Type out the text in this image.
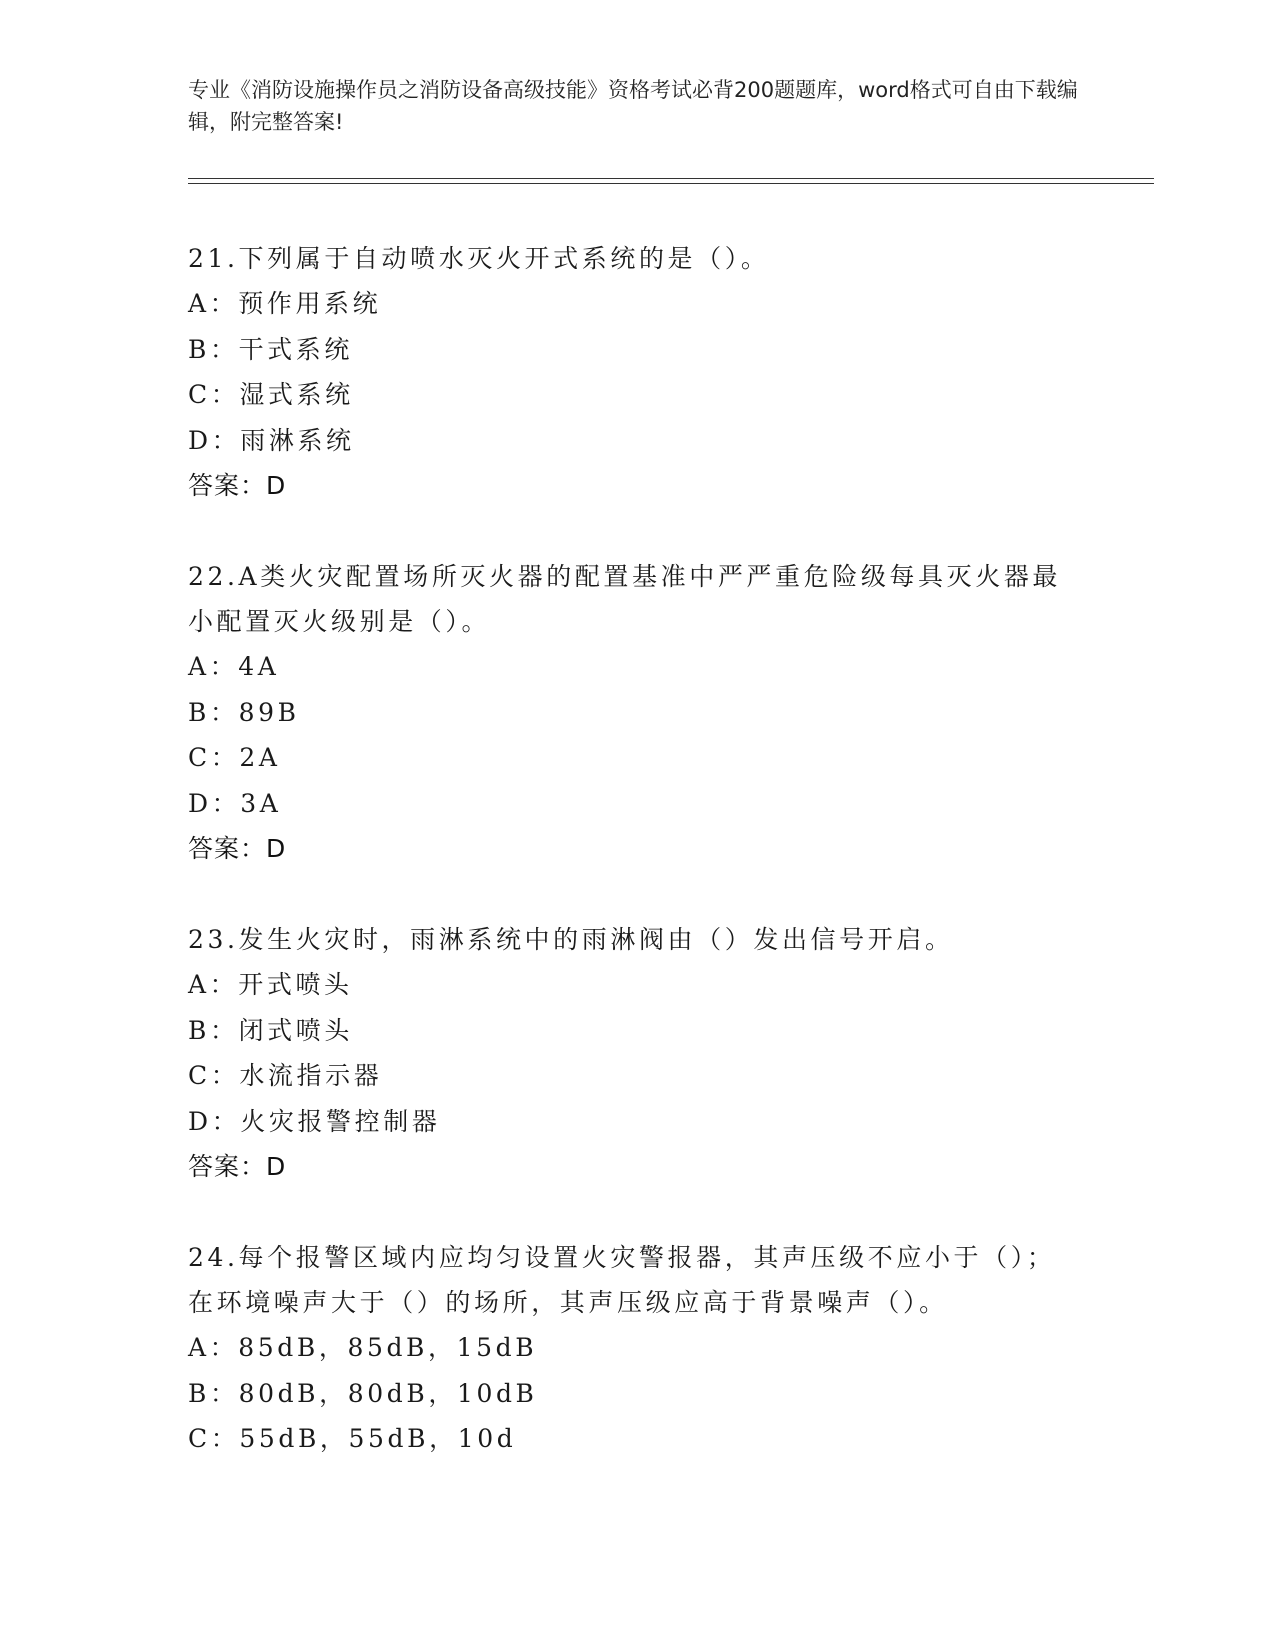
专业《消防设施操作员之消防设备高级技能》资格考试必背200题题库，word格式可自由下载编辑，附完整答案!
21.下列属于自动喷水灭火开式系统的是（）。
A：预作用系统
B：干式系统
C：湿式系统
D：雨淋系统
答案：D
22.A类火灾配置场所灭火器的配置基准中严严重危险级每具灭火器最小配置灭火级别是（）。
A：4A
B：89B
C：2A
D：3A
答案：D
23.发生火灾时，雨淋系统中的雨淋阀由（）发出信号开启。
A：开式喷头
B：闭式喷头
C：水流指示器
D：火灾报警控制器
答案：D
24.每个报警区域内应均匀设置火灾警报器，其声压级不应小于（）；在环境噪声大于（）的场所，其声压级应高于背景噪声（）。
A：85dB，85dB，15dB
B：80dB，80dB，10dB
C：55dB，55dB，10d
